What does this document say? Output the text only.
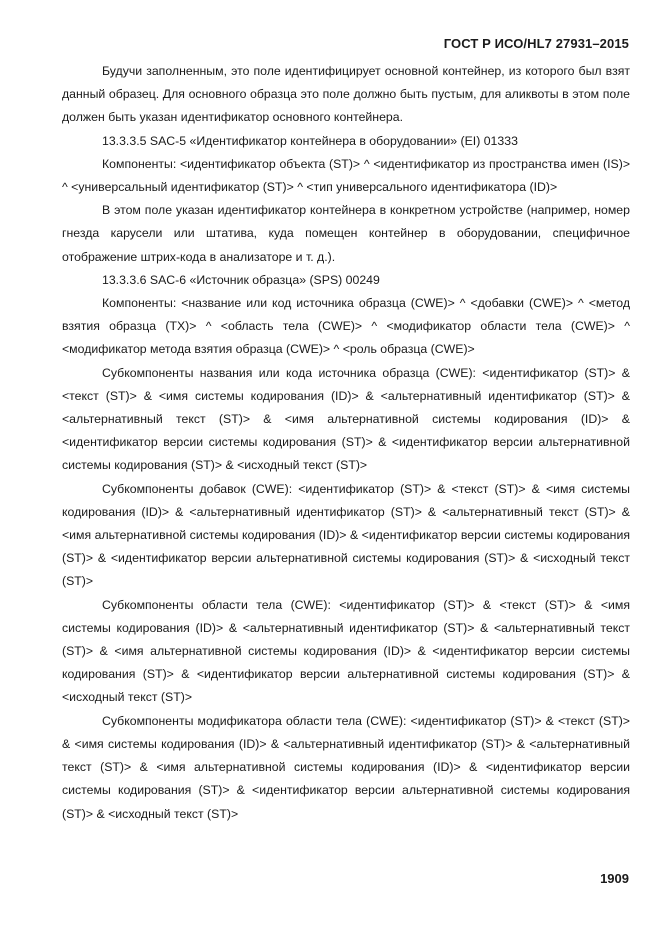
ГОСТ Р ИСО/HL7 27931–2015

Будучи заполненным, это поле идентифицирует основной контейнер, из которого был взят данный образец. Для основного образца это поле должно быть пустым, для аликвоты в этом поле должен быть указан идентификатор основного контейнера.

13.3.3.5 SAC-5 «Идентификатор контейнера в оборудовании» (EI) 01333

Компоненты: <идентификатор объекта (ST)> ^ <идентификатор из пространства имен (IS)> ^ <универсальный идентификатор (ST)> ^ <тип универсального идентификатора (ID)>

В этом поле указан идентификатор контейнера в конкретном устройстве (например, номер гнезда карусели или штатива, куда помещен контейнер в оборудовании, специфичное отображение штрих-кода в анализаторе и т. д.).

13.3.3.6 SAC-6 «Источник образца» (SPS) 00249

Компоненты: <название или код источника образца (CWE)> ^ <добавки (CWE)> ^ <метод взятия образца (TX)> ^ <область тела (CWE)> ^ <модификатор области тела (CWE)> ^ <модификатор метода взятия образца (CWE)> ^ <роль образца (CWE)>

Субкомпоненты названия или кода источника образца (CWE): <идентификатор (ST)> & <текст (ST)> & <имя системы кодирования (ID)> & <альтернативный идентификатор (ST)> & <альтернативный текст (ST)> & <имя альтернативной системы кодирования (ID)> & <идентификатор версии системы кодирования (ST)> & <идентификатор версии альтернативной системы кодирования (ST)> & <исходный текст (ST)>

Субкомпоненты добавок (CWE): <идентификатор (ST)> & <текст (ST)> & <имя системы кодирования (ID)> & <альтернативный идентификатор (ST)> & <альтернативный текст (ST)> & <имя альтернативной системы кодирования (ID)> & <идентификатор версии системы кодирования (ST)> & <идентификатор версии альтернативной системы кодирования (ST)> & <исходный текст (ST)>

Субкомпоненты области тела (CWE): <идентификатор (ST)> & <текст (ST)> & <имя системы кодирования (ID)> & <альтернативный идентификатор (ST)> & <альтернативный текст (ST)> & <имя альтернативной системы кодирования (ID)> & <идентификатор версии системы кодирования (ST)> & <идентификатор версии альтернативной системы кодирования (ST)> & <исходный текст (ST)>

Субкомпоненты модификатора области тела (CWE): <идентификатор (ST)> & <текст (ST)> & <имя системы кодирования (ID)> & <альтернативный идентификатор (ST)> & <альтернативный текст (ST)> & <имя альтернативной системы кодирования (ID)> & <идентификатор версии системы кодирования (ST)> & <идентификатор версии альтернативной системы кодирования (ST)> & <исходный текст (ST)>

1909
